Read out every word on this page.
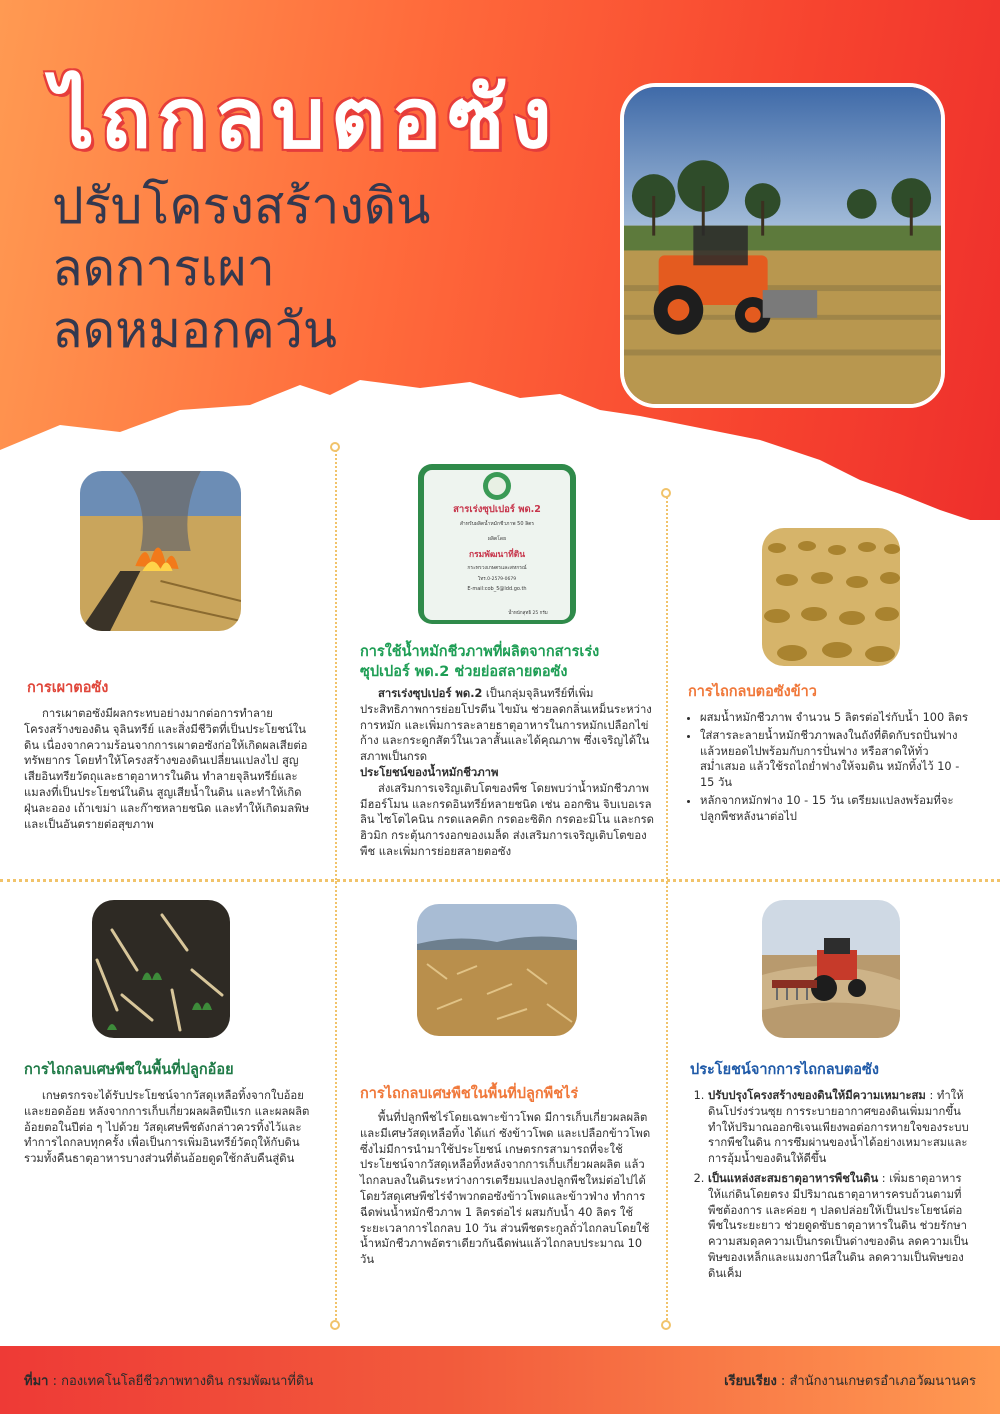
ไถกลบตอซัง
ปรับโครงสร้างดิน
ลดการเผา
ลดหมอกควัน
การเผาตอซัง

การเผาตอซังมีผลกระทบอย่างมากต่อการทำลายโครงสร้างของดิน จุลินทรีย์ และสิ่งมีชีวิตที่เป็นประโยชน์ในดิน เนื่องจากความร้อนจากการเผาตอซังก่อให้เกิดผลเสียต่อทรัพยากร โดยทำให้โครงสร้างของดินเปลี่ยนแปลงไป สูญเสียอินทรียวัตถุและธาตุอาหารในดิน ทำลายจุลินทรีย์และแมลงที่เป็นประโยชน์ในดิน สูญเสียน้ำในดิน และทำให้เกิดฝุ่นละออง เถ้าเขม่า และก๊าซหลายชนิด และทำให้เกิดมลพิษและเป็นอันตรายต่อสุขภาพ

สารเร่งซุปเปอร์ พด.2
สำหรับผลิตน้ำหมักชีวภาพ 50 ลิตร
ผลิตโดย
กรมพัฒนาที่ดิน
กระทรวงเกษตรและสหกรณ์
โทร.0-2579-0679
E-mail:cob_5@ldd.go.th
น้ำหนักสุทธิ 25 กรัม
การใช้น้ำหมักชีวภาพที่ผลิตจากสารเร่ง ซุปเปอร์ พด.2 ช่วยย่อสลายตอซัง

สารเร่งซุปเปอร์ พด.2 เป็นกลุ่มจุลินทรีย์ที่เพิ่มประสิทธิภาพการย่อยโปรตีน ไขมัน ช่วยลดกลิ่นเหม็นระหว่างการหมัก และเพิ่มการละลายธาตุอาหารในการหมักเปลือกไข่ ก้าง และกระดูกสัตว์ในเวลาสั้นและได้คุณภาพ ซึ่งเจริญได้ในสภาพเป็นกรด

ประโยชน์ของน้ำหมักชีวภาพ

ส่งเสริมการเจริญเติบโตของพืช โดยพบว่าน้ำหมักชีวภาพมีฮอร์โมน และกรดอินทรีย์หลายชนิด เช่น ออกซิน จิบเบอเรลลิน ไซโตไคนิน กรดแลคติก กรดอะซิติก กรดอะมิโน และกรดฮิวมิก กระตุ้นการงอกของเมล็ด ส่งเสริมการเจริญเติบโตของพืช และเพิ่มการย่อยสลายตอซัง

การไถกลบตอซังข้าว
• ผสมน้ำหมักชีวภาพ จำนวน 5 ลิตรต่อไร่กับน้ำ 100 ลิตร
• ใส่สารละลายน้ำหมักชีวภาพลงในถังที่ติดกับรถปั่นฟาง แล้วหยอดไปพร้อมกับการปั่นฟาง หรือสาดให้ทั่วสม่ำเสมอ แล้วใช้รถไถย่ำฟางให้จมดิน หมักทิ้งไว้ 10 - 15 วัน
• หลักจากหมักฟาง 10 - 15 วัน เตรียมแปลงพร้อมที่จะปลูกพืชหลังนาต่อไป
การไถกลบเศษพืชในพื้นที่ปลูกอ้อย

เกษตรกรจะได้รับประโยชน์จากวัสดุเหลือทิ้งจากใบอ้อยและยอดอ้อย หลังจากการเก็บเกี่ยวผลผลิตปีแรก และผลผลิตอ้อยตอในปีต่อ ๆ ไปด้วย วัสดุเศษพืชดังกล่าวควรทิ้งไว้และทำการไถกลบทุกครั้ง เพื่อเป็นการเพิ่มอินทรีย์วัตถุให้กับดิน รวมทั้งคืนธาตุอาหารบางส่วนที่ต้นอ้อยดูดใช้กลับคืนสู่ดิน

การไถกลบเศษพืชในพื้นที่ปลูกพืชไร่

พื้นที่ปลูกพืชไร่โดยเฉพาะข้าวโพด มีการเก็บเกี่ยวผลผลิตและมีเศษวัสดุเหลือทิ้ง ได้แก่ ซังข้าวโพด และเปลือกข้าวโพด ซึ่งไม่มีการนำมาใช้ประโยชน์ เกษตรกรสามารถที่จะใช้ประโยชน์จากวัสดุเหลือทิ้งหลังจากการเก็บเกี่ยวผลผลิต แล้วไถกลบลงในดินระหว่างการเตรียมแปลงปลูกพืชใหม่ต่อไปได้ โดยวัสดุเศษพืชไร่จำพวกตอซังข้าวโพดและข้าวฟ่าง ทำการฉีดพ่นน้ำหมักชีวภาพ 1 ลิตรต่อไร่ ผสมกับน้ำ 40 ลิตร ใช้ระยะเวลาการไถกลบ 10 วัน ส่วนพืชตระกูลถั่วไถกลบโดยใช้น้ำหมักชีวภาพอัตราเดียวกันฉีดพ่นแล้วไถกลบประมาณ 10 วัน

ประโยชน์จากการไถกลบตอซัง
1. ปรับปรุงโครงสร้างของดินให้มีความเหมาะสม : ทำให้ดินโปร่งร่วนซุย การระบายอากาศของดินเพิ่มมากขึ้น ทำให้ปริมาณออกซิเจนเพียงพอต่อการหายใจของระบบรากพืชในดิน การซึมผ่านของน้ำได้อย่างเหมาะสมและการอุ้มน้ำของดินให้ดีขึ้น
2. เป็นแหล่งสะสมธาตุอาหารพืชในดิน : เพิ่มธาตุอาหารให้แก่ดินโดยตรง มีปริมาณธาตุอาหารครบถ้วนตามที่พืชต้องการ และค่อย ๆ ปลดปล่อยให้เป็นประโยชน์ต่อพืชในระยะยาว ช่วยดูดซับธาตุอาหารในดิน ช่วยรักษาความสมดุลความเป็นกรดเป็นด่างของดิน ลดความเป็นพิษของเหล็กและแมงกานีสในดิน ลดความเป็นพิษของดินเค็ม
ที่มา : กองเทคโนโลยีชีวภาพทางดิน กรมพัฒนาที่ดิน	เรียบเรียง : สำนักงานเกษตรอำเภอวัฒนานคร
